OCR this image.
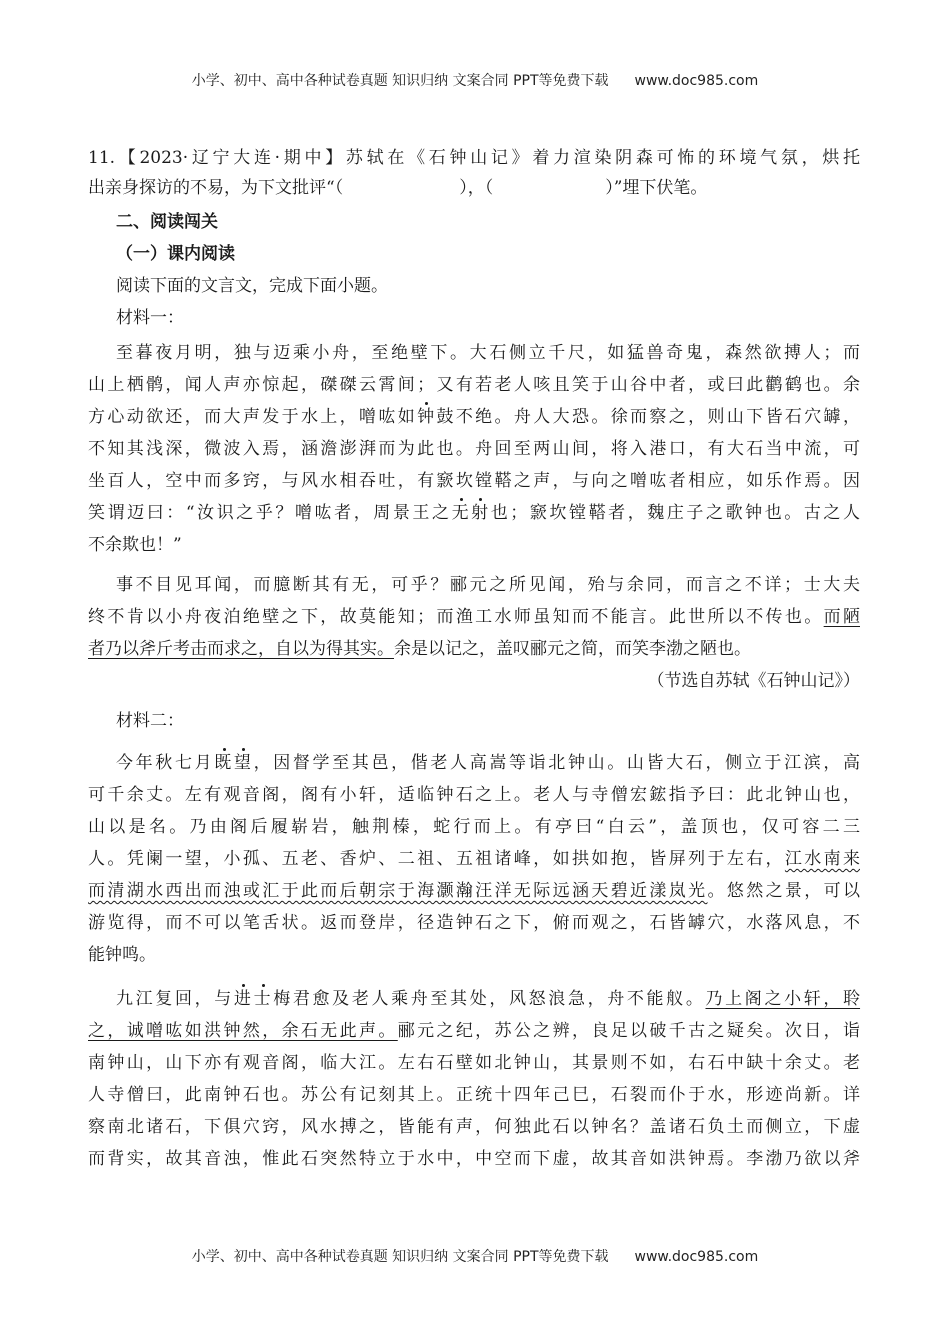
小学、初中、高中各种试卷真题 知识归纳 文案合同 PPT等免费下载 www.doc985.com
11.【2023·辽宁大连·期中】苏轼在《石钟山记》着力渲染阴森可怖的环境气氛，烘托
出亲身探访的不易，为下文批评“（	），（	）”埋下伏笔。
二、阅读闯关
（一）课内阅读
阅读下面的文言文，完成下面小题。
材料一：
至暮夜月明，独与迈乘小舟，至绝壁下。大石侧立千尺，如猛兽奇鬼，森然欲搏人；而
山上栖鹘，闻人声亦惊起，磔磔云霄间；又有若老人咳且笑于山谷中者，或曰此鹳鹤也。余
方心动欲还，而大声发于水上，噌吰如钟鼓不绝。舟人大恐。徐而察之，则山下皆石穴罅，
不知其浅深，微波入焉，涵澹澎湃而为此也。舟回至两山间，将入港口，有大石当中流，可
坐百人，空中而多窍，与风水相吞吐，有窾坎镗鞳之声，与向之噌吰者相应，如乐作焉。因
笑谓迈曰：“汝识之乎？噌吰者，周景王之无射也；窾坎镗鞳者，魏庄子之歌钟也。古之人
不余欺也！”
事不目见耳闻，而臆断其有无，可乎？郦元之所见闻，殆与余同，而言之不详；士大夫
终不肯以小舟夜泊绝壁之下，故莫能知；而渔工水师虽知而不能言。此世所以不传也。而陋
者乃以斧斤考击而求之，自以为得其实。余是以记之，盖叹郦元之简，而笑李渤之陋也。
（节选自苏轼《石钟山记》）
材料二：
今年秋七月既望，因督学至其邑，偕老人高嵩等诣北钟山。山皆大石，侧立于江滨，高
可千余丈。左有观音阁，阁有小轩，适临钟石之上。老人与寺僧宏鋐指予曰：此北钟山也，
山以是名。乃由阁后履崭岩，触荆榛，蛇行而上。有亭曰“白云”，盖顶也，仅可容二三
人。凭阑一望，小孤、五老、香炉、二祖、五祖诸峰，如拱如抱，皆屏列于左右，江水南来
而清湖水西出而浊或汇于此而后朝宗于海灏瀚汪洋无际远涵天碧近漾岚光。悠然之景，可以
游览得，而不可以笔舌状。返而登岸，径造钟石之下，俯而观之，石皆罅穴，水落风息，不
能钟鸣。
九江复回，与进士梅君愈及老人乘舟至其处，风怒浪急，舟不能舣。乃上阁之小轩，聆
之，诚噌吰如洪钟然，余石无此声。郦元之纪，苏公之辨，良足以破千古之疑矣。次日，诣
南钟山，山下亦有观音阁，临大江。左右石壁如北钟山，其景则不如，右石中缺十余丈。老
人寺僧曰，此南钟石也。苏公有记刻其上。正统十四年己巳，石裂而仆于水，形迹尚新。详
察南北诸石，下俱穴窍，风水搏之，皆能有声，何独此石以钟名？盖诸石负土而侧立，下虚
而背实，故其音浊，惟此石突然特立于水中，中空而下虚，故其音如洪钟焉。李渤乃欲以斧
小学、初中、高中各种试卷真题 知识归纳 文案合同 PPT等免费下载 www.doc985.com
